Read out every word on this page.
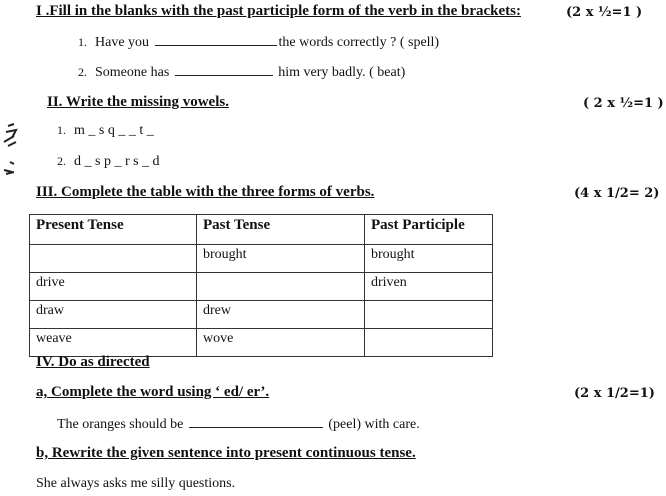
I .Fill in the blanks with the past participle form of the verb in the brackets:	(2 x ½=1 )
1. Have you	the words correctly ? ( spell)
2. Someone has	him very badly. ( beat)
II. Write the missing vowels.	( 2 x ½=1 )
1. m _ s q _ _ t _
2. d _ s p _ r s _ d
III. Complete the table with the three forms of verbs.	(4 x 1/2= 2)
Present Tense	Past Tense	Past Participle
	brought	brought
drive		driven
draw	drew	
weave	wove	
IV. Do as directed
a, Complete the word using ‘ ed/ er’.	(2 x 1/2=1)
The oranges should be	(peel) with care.
b, Rewrite the given sentence into present continuous tense.
She always asks me silly questions.
